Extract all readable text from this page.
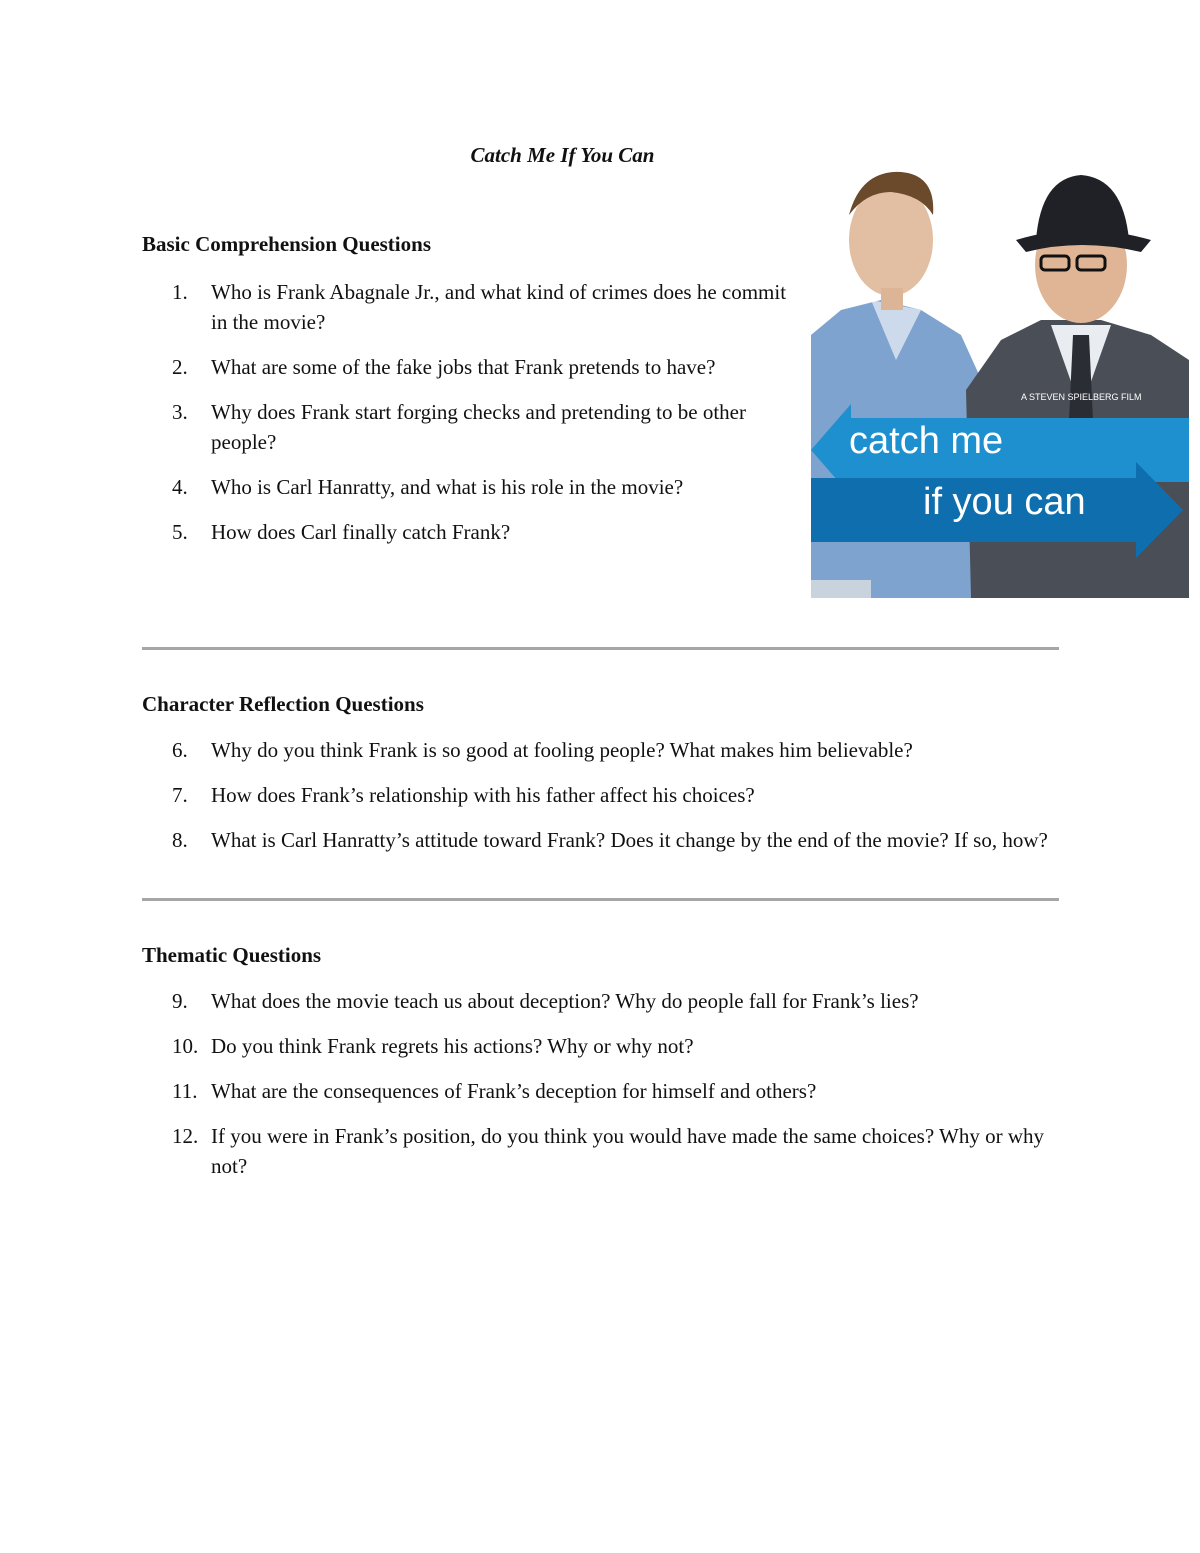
Catch Me If You Can
A STEVEN SPIELBERG FILM
catch me
if you can
Basic Comprehension Questions
1.	Who is Frank Abagnale Jr., and what kind of crimes does he commit in the movie?
2.	What are some of the fake jobs that Frank pretends to have?
3.	Why does Frank start forging checks and pretending to be other people?
4.	Who is Carl Hanratty, and what is his role in the movie?
5.	How does Carl finally catch Frank?
Character Reflection Questions
6.	Why do you think Frank is so good at fooling people? What makes him believable?
7.	How does Frank’s relationship with his father affect his choices?
8.	What is Carl Hanratty’s attitude toward Frank? Does it change by the end of the movie? If so, how?
Thematic Questions
9.	What does the movie teach us about deception? Why do people fall for Frank’s lies?
10. Do you think Frank regrets his actions? Why or why not?
11. What are the consequences of Frank’s deception for himself and others?
12. If you were in Frank’s position, do you think you would have made the same choices? Why or why not?
